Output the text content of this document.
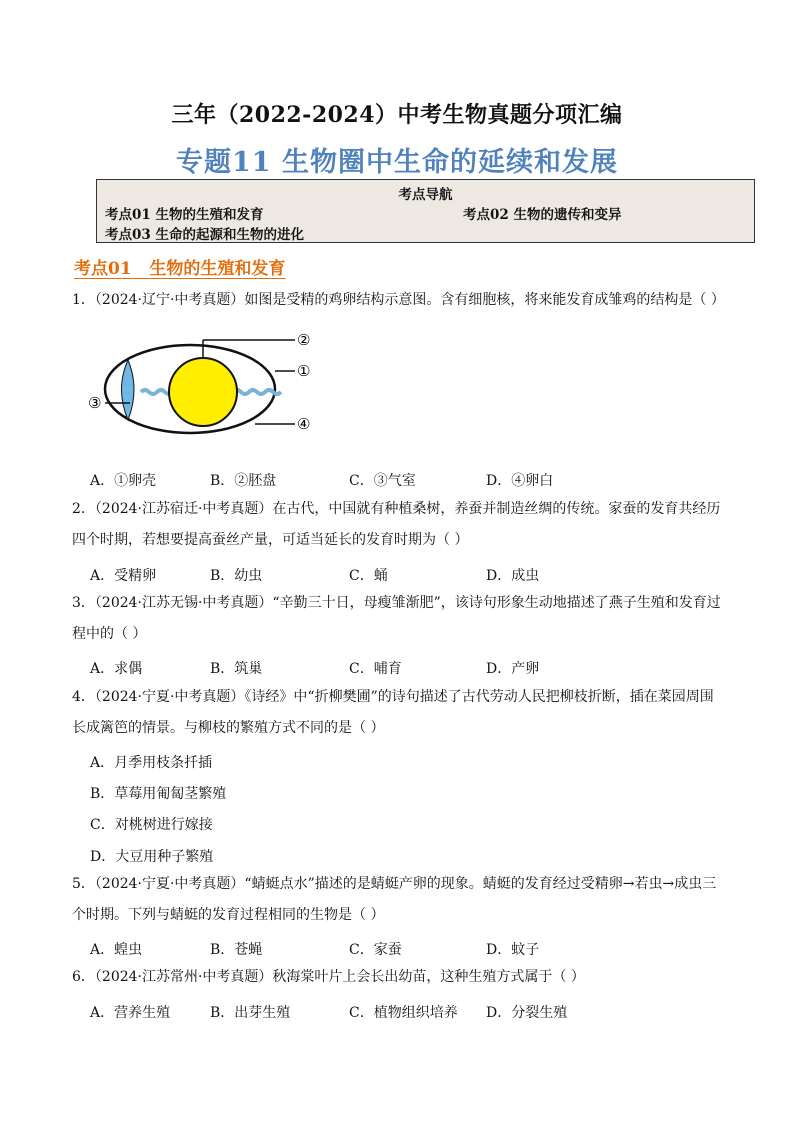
三年（2022-2024）中考生物真题分项汇编
专题11 生物圈中生命的延续和发展
考点导航
考点01 生物的生殖和发育	考点02 生物的遗传和变异
考点03 生命的起源和生物的进化
考点01   生物的生殖和发育
1．（2024·辽宁·中考真题）如图是受精的鸡卵结构示意图。含有细胞核，将来能发育成雏鸡的结构是（ ）
②
①
④
③
A．①卵壳	B．②胚盘	C．③气室	D．④卵白
2．（2024·江苏宿迁·中考真题）在古代，中国就有种植桑树，养蚕并制造丝绸的传统。家蚕的发育共经历
四个时期，若想要提高蚕丝产量，可适当延长的发育时期为（ ）
A．受精卵	B．幼虫	C．蛹	D．成虫
3．（2024·江苏无锡·中考真题）“辛勤三十日，母瘦雏渐肥”，该诗句形象生动地描述了燕子生殖和发育过
程中的（ ）
A．求偶	B．筑巢	C．哺育	D．产卵
4．（2024·宁夏·中考真题）《诗经》中“折柳樊圃”的诗句描述了古代劳动人民把柳枝折断，插在菜园周围
长成篱笆的情景。与柳枝的繁殖方式不同的是（ ）
A．月季用枝条扦插
B．草莓用匍匐茎繁殖
C．对桃树进行嫁接
D．大豆用种子繁殖
5．（2024·宁夏·中考真题）“蜻蜓点水”描述的是蜻蜓产卵的现象。蜻蜓的发育经过受精卵→若虫→成虫三
个时期。下列与蜻蜓的发育过程相同的生物是（ ）
A．蝗虫	B．苍蝇	C．家蚕	D．蚊子
6．（2024·江苏常州·中考真题）秋海棠叶片上会长出幼苗，这种生殖方式属于（ ）
A．营养生殖	B．出芽生殖	C．植物组织培养 D．分裂生殖
